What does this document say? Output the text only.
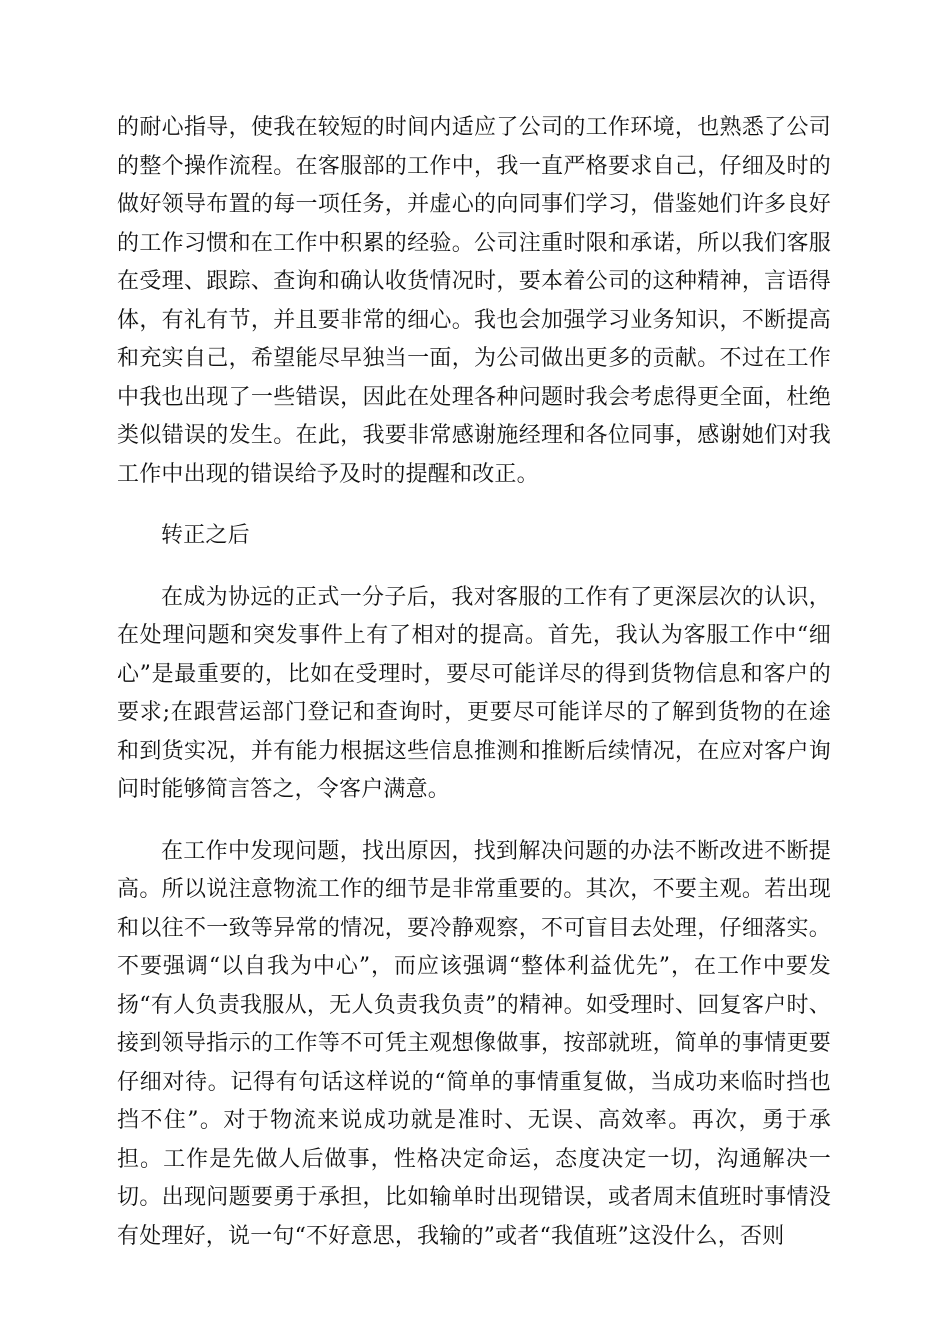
的耐心指导，使我在较短的时间内适应了公司的工作环境，也熟悉了公司的整个操作流程。在客服部的工作中，我一直严格要求自己，仔细及时的做好领导布置的每一项任务，并虚心的向同事们学习，借鉴她们许多良好的工作习惯和在工作中积累的经验。公司注重时限和承诺，所以我们客服在受理、跟踪、查询和确认收货情况时，要本着公司的这种精神，言语得体，有礼有节，并且要非常的细心。我也会加强学习业务知识，不断提高和充实自己，希望能尽早独当一面，为公司做出更多的贡献。不过在工作中我也出现了一些错误，因此在处理各种问题时我会考虑得更全面，杜绝类似错误的发生。在此，我要非常感谢施经理和各位同事，感谢她们对我工作中出现的错误给予及时的提醒和改正。

转正之后

在成为协远的正式一分子后，我对客服的工作有了更深层次的认识，在处理问题和突发事件上有了相对的提高。首先，我认为客服工作中“细心”是最重要的，比如在受理时，要尽可能详尽的得到货物信息和客户的要求;在跟营运部门登记和查询时，更要尽可能详尽的了解到货物的在途和到货实况，并有能力根据这些信息推测和推断后续情况，在应对客户询问时能够简言答之，令客户满意。

在工作中发现问题，找出原因，找到解决问题的办法不断改进不断提高。所以说注意物流工作的细节是非常重要的。其次，不要主观。若出现和以往不一致等异常的情况，要冷静观察，不可盲目去处理，仔细落实。不要强调“以自我为中心”，而应该强调“整体利益优先”，在工作中要发扬“有人负责我服从，无人负责我负责”的精神。如受理时、回复客户时、接到领导指示的工作等不可凭主观想像做事，按部就班，简单的事情更要仔细对待。记得有句话这样说的“简单的事情重复做，当成功来临时挡也挡不住”。对于物流来说成功就是准时、无误、高效率。再次，勇于承担。工作是先做人后做事，性格决定命运，态度决定一切，沟通解决一切。出现问题要勇于承担，比如输单时出现错误，或者周末值班时事情没有处理好，说一句“不好意思，我输的”或者“我值班”这没什么，否则
